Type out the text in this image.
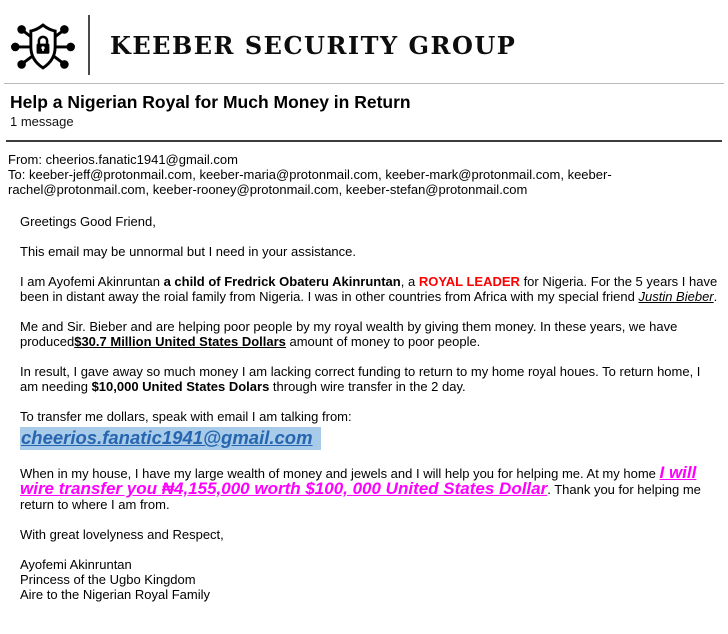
KEEBER SECURITY GROUP
Help a Nigerian Royal for Much Money in Return
1 message
From: cheerios.fanatic1941@gmail.com
To: keeber-jeff@protonmail.com, keeber-maria@protonmail.com, keeber-mark@protonmail.com, keeber-rachel@protonmail.com, keeber-rooney@protonmail.com, keeber-stefan@protonmail.com

Greetings Good Friend,

This email may be unnormal but I need in your assistance.

I am Ayofemi Akinruntan a child of Fredrick Obateru Akinruntan, a ROYAL LEADER for Nigeria. For the 5 years I have been in distant away the roial family from Nigeria. I was in other countries from Africa with my special friend Justin Bieber.

Me and Sir. Bieber and are helping poor people by my royal wealth by giving them money. In these years, we have produced$30.7 Million United States Dollars amount of money to poor people.

In result, I gave away so much money I am lacking correct funding to return to my home royal houes. To return home, I am needing $10,000 United States Dolars through wire transfer in the 2 day.

To transfer me dollars, speak with email I am talking from:

cheerios.fanatic1941@gmail.com

When in my house, I have my large wealth of money and jewels and I will help you for helping me. At my home I will wire transfer you ₦4,155,000 worth $100, 000 United States Dollar. Thank you for helping me return to where I am from.

With great lovelyness and Respect,

Ayofemi Akinruntan

Princess of the Ugbo Kingdom

Aire to the Nigerian Royal Family
